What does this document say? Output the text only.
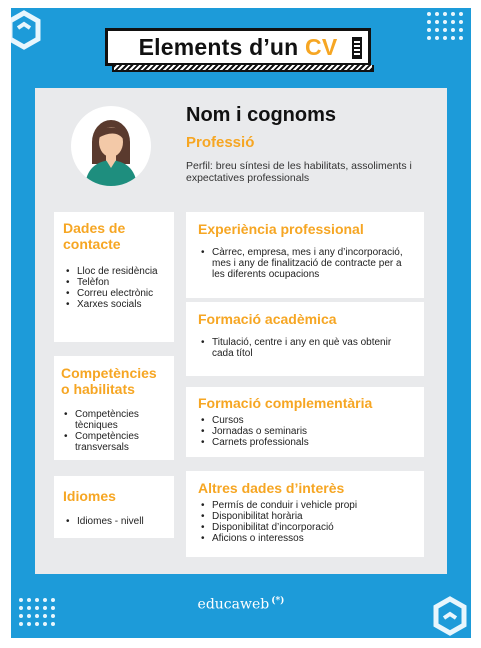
Elements d’un CV
Nom i cognoms
Professió
Perfil: breu síntesi de les habilitats, assoliments i expectatives professionals
Dades de contacte
• Lloc de residència
• Telèfon
• Correu electrònic
• Xarxes socials
Competències o habilitats
• Competències tècniques
• Competències transversals
Idiomes
• Idiomes - nivell
Experiència professional
• Càrrec, empresa, mes i any d’incorporació, mes i any de finalització de contracte per a les diferents ocupacions
Formació acadèmica
• Titulació, centre i any en què vas obtenir cada títol
Formació complementària
• Cursos
• Jornadas o seminaris
• Carnets professionals
Altres dades d’interès
• Permís de conduir i vehicle propi
• Disponibilitat horària
• Disponibilitat d’incorporació
• Aficions o interessos
educaweb (*)
